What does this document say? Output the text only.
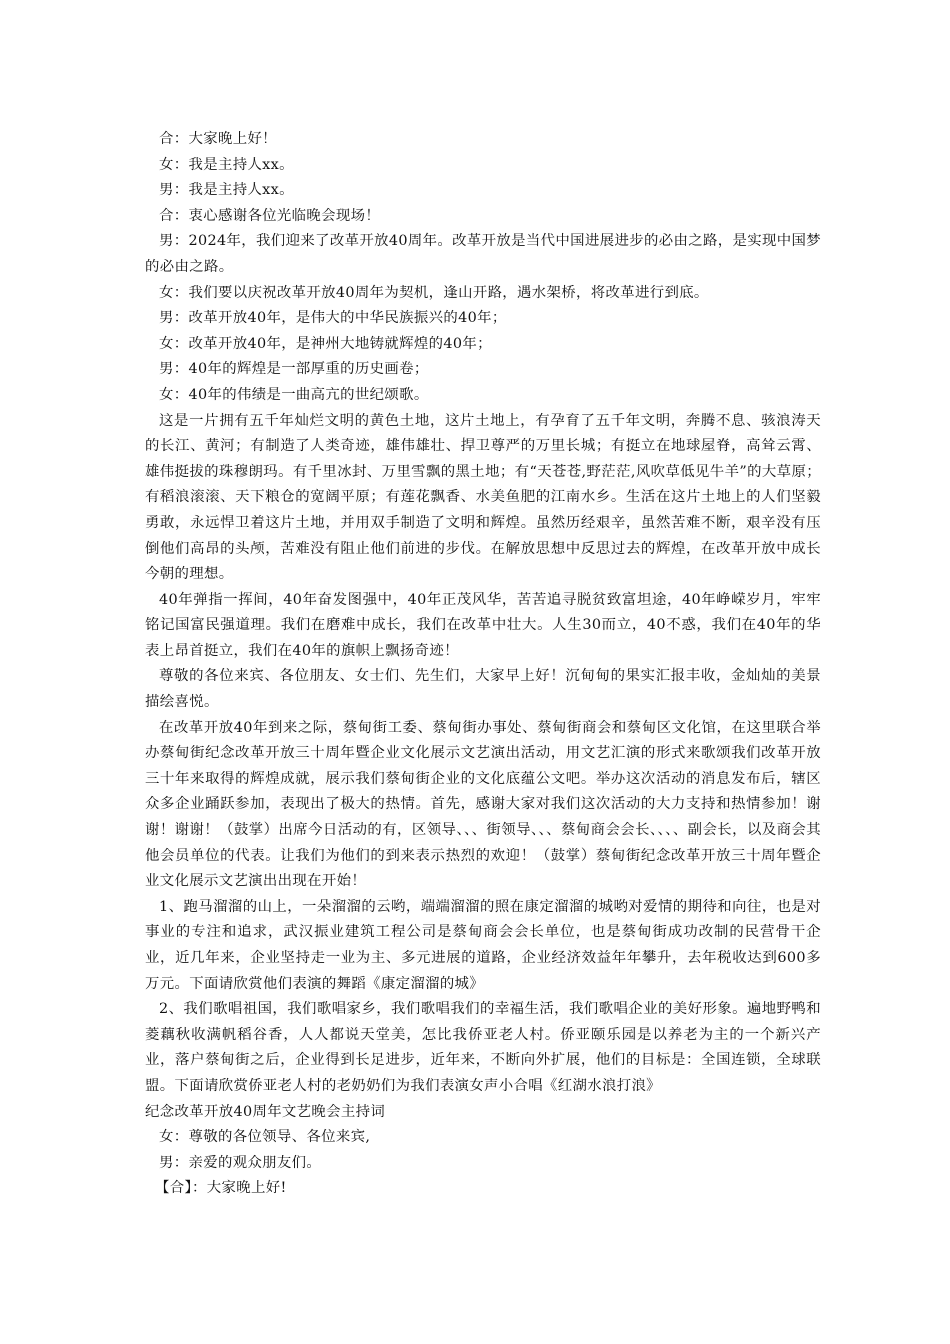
合：大家晚上好！

女：我是主持人xx。

男：我是主持人xx。

合：衷心感谢各位光临晚会现场！

男：2024年，我们迎来了改革开放40周年。改革开放是当代中国进展进步的必由之路，是实现中国梦的必由之路。

女：我们要以庆祝改革开放40周年为契机，逢山开路，遇水架桥，将改革进行到底。

男：改革开放40年，是伟大的中华民族振兴的40年；

女：改革开放40年，是神州大地铸就辉煌的40年；

男：40年的辉煌是一部厚重的历史画卷；

女：40年的伟绩是一曲高亢的世纪颂歌。

这是一片拥有五千年灿烂文明的黄色土地，这片土地上，有孕育了五千年文明，奔腾不息、骇浪涛天的长江、黄河；有制造了人类奇迹，雄伟雄壮、捍卫尊严的万里长城；有挺立在地球屋脊，高耸云霄、雄伟挺拔的珠穆朗玛。有千里冰封、万里雪飘的黑土地；有“天苍苍,野茫茫,风吹草低见牛羊”的大草原；有稻浪滚滚、天下粮仓的宽阔平原；有莲花飘香、水美鱼肥的江南水乡。生活在这片土地上的人们坚毅勇敢，永远悍卫着这片土地，并用双手制造了文明和辉煌。虽然历经艰辛，虽然苦难不断，艰辛没有压倒他们高昂的头颅，苦难没有阻止他们前进的步伐。在解放思想中反思过去的辉煌，在改革开放中成长今朝的理想。

40年弹指一挥间，40年奋发图强中，40年正茂风华，苦苦追寻脱贫致富坦途，40年峥嵘岁月，牢牢铭记国富民强道理。我们在磨难中成长，我们在改革中壮大。人生30而立，40不惑，我们在40年的华表上昂首挺立，我们在40年的旗帜上飘扬奇迹！

尊敬的各位来宾、各位朋友、女士们、先生们，大家早上好！沉甸甸的果实汇报丰收，金灿灿的美景描绘喜悦。

在改革开放40年到来之际，蔡甸街工委、蔡甸街办事处、蔡甸街商会和蔡甸区文化馆，在这里联合举办蔡甸街纪念改革开放三十周年暨企业文化展示文艺演出活动，用文艺汇演的形式来歌颂我们改革开放三十年来取得的辉煌成就，展示我们蔡甸街企业的文化底蕴公文吧。举办这次活动的消息发布后，辖区众多企业踊跃参加，表现出了极大的热情。首先，感谢大家对我们这次活动的大力支持和热情参加！谢谢！谢谢！（鼓掌）出席今日活动的有，区领导、、、街领导、、、蔡甸商会会长、、、、副会长，以及商会其他会员单位的代表。让我们为他们的到来表示热烈的欢迎！（鼓掌）蔡甸街纪念改革开放三十周年暨企业文化展示文艺演出出现在开始！

1、跑马溜溜的山上，一朵溜溜的云哟，端端溜溜的照在康定溜溜的城哟对爱情的期待和向往，也是对事业的专注和追求，武汉振业建筑工程公司是蔡甸商会会长单位，也是蔡甸街成功改制的民营骨干企业，近几年来，企业坚持走一业为主、多元进展的道路，企业经济效益年年攀升，去年税收达到600多万元。下面请欣赏他们表演的舞蹈《康定溜溜的城》

2、我们歌唱祖国，我们歌唱家乡，我们歌唱我们的幸福生活，我们歌唱企业的美好形象。遍地野鸭和菱藕秋收满帆稻谷香，人人都说天堂美，怎比我侨亚老人村。侨亚颐乐园是以养老为主的一个新兴产业，落户蔡甸街之后，企业得到长足进步，近年来，不断向外扩展，他们的目标是：全国连锁，全球联盟。下面请欣赏侨亚老人村的老奶奶们为我们表演女声小合唱《红湖水浪打浪》

纪念改革开放40周年文艺晚会主持词

女：尊敬的各位领导、各位来宾,

男：亲爱的观众朋友们。

【合】：大家晚上好!
